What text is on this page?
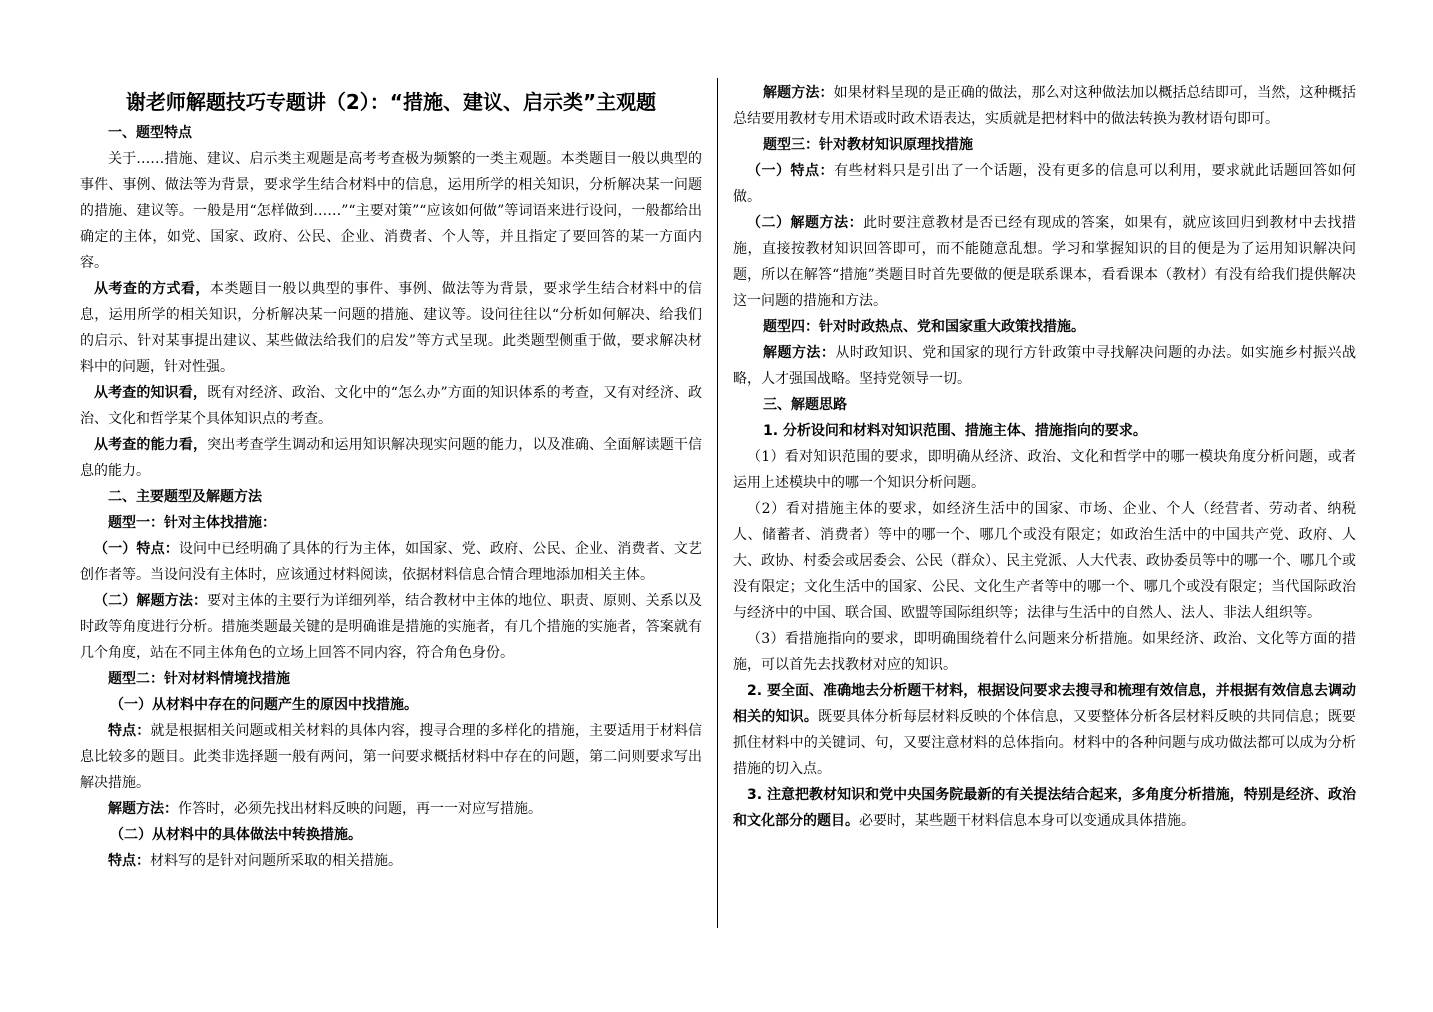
谢老师解题技巧专题讲（2）：“措施、建议、启示类”主观题

一、题型特点

关于……措施、建议、启示类主观题是高考考查极为频繁的一类主观题。本类题目一般以典型的事件、事例、做法等为背景，要求学生结合材料中的信息，运用所学的相关知识，分析解决某一问题的措施、建议等。一般是用“怎样做到……”“主要对策”“应该如何做”等词语来进行设问，一般都给出确定的主体，如党、国家、政府、公民、企业、消费者、个人等，并且指定了要回答的某一方面内容。

从考查的方式看，本类题目一般以典型的事件、事例、做法等为背景，要求学生结合材料中的信息，运用所学的相关知识，分析解决某一问题的措施、建议等。设问往往以“分析如何解决、给我们的启示、针对某事提出建议、某些做法给我们的启发”等方式呈现。此类题型侧重于做，要求解决材料中的问题，针对性强。

从考查的知识看，既有对经济、政治、文化中的“怎么办”方面的知识体系的考查，又有对经济、政治、文化和哲学某个具体知识点的考查。

从考查的能力看，突出考查学生调动和运用知识解决现实问题的能力，以及准确、全面解读题干信息的能力。

二、主要题型及解题方法

题型一：针对主体找措施：

（一）特点：设问中已经明确了具体的行为主体，如国家、党、政府、公民、企业、消费者、文艺创作者等。当设问没有主体时，应该通过材料阅读，依据材料信息合情合理地添加相关主体。

（二）解题方法：要对主体的主要行为详细列举，结合教材中主体的地位、职责、原则、关系以及时政等角度进行分析。措施类题最关键的是明确谁是措施的实施者，有几个措施的实施者，答案就有几个角度，站在不同主体角色的立场上回答不同内容，符合角色身份。

题型二：针对材料情境找措施

（一）从材料中存在的问题产生的原因中找措施。

特点：就是根据相关问题或相关材料的具体内容，搜寻合理的多样化的措施，主要适用于材料信息比较多的题目。此类非选择题一般有两问，第一问要求概括材料中存在的问题，第二问则要求写出解决措施。

解题方法：作答时，必须先找出材料反映的问题，再一一对应写措施。

（二）从材料中的具体做法中转换措施。

特点：材料写的是针对问题所采取的相关措施。

解题方法：如果材料呈现的是正确的做法，那么对这种做法加以概括总结即可，当然，这种概括总结要用教材专用术语或时政术语表达，实质就是把材料中的做法转换为教材语句即可。

题型三：针对教材知识原理找措施

（一）特点：有些材料只是引出了一个话题，没有更多的信息可以利用，要求就此话题回答如何做。

（二）解题方法：此时要注意教材是否已经有现成的答案，如果有，就应该回归到教材中去找措施，直接按教材知识回答即可，而不能随意乱想。学习和掌握知识的目的便是为了运用知识解决问题，所以在解答“措施”类题目时首先要做的便是联系课本，看看课本（教材）有没有给我们提供解决这一问题的措施和方法。

题型四：针对时政热点、党和国家重大政策找措施。

解题方法：从时政知识、党和国家的现行方针政策中寻找解决问题的办法。如实施乡村振兴战略，人才强国战略。坚持党领导一切。

三、解题思路

1. 分析设问和材料对知识范围、措施主体、措施指向的要求。

（1）看对知识范围的要求，即明确从经济、政治、文化和哲学中的哪一模块角度分析问题，或者运用上述模块中的哪一个知识分析问题。

（2）看对措施主体的要求，如经济生活中的国家、市场、企业、个人（经营者、劳动者、纳税人、储蓄者、消费者）等中的哪一个、哪几个或没有限定；如政治生活中的中国共产党、政府、人大、政协、村委会或居委会、公民（群众）、民主党派、人大代表、政协委员等中的哪一个、哪几个或没有限定；文化生活中的国家、公民、文化生产者等中的哪一个、哪几个或没有限定；当代国际政治与经济中的中国、联合国、欧盟等国际组织等；法律与生活中的自然人、法人、非法人组织等。

（3）看措施指向的要求，即明确围绕着什么问题来分析措施。如果经济、政治、文化等方面的措施，可以首先去找教材对应的知识。

2. 要全面、准确地去分析题干材料，根据设问要求去搜寻和梳理有效信息，并根据有效信息去调动相关的知识。既要具体分析每层材料反映的个体信息，又要整体分析各层材料反映的共同信息；既要抓住材料中的关键词、句，又要注意材料的总体指向。材料中的各种问题与成功做法都可以成为分析措施的切入点。

3. 注意把教材知识和党中央国务院最新的有关提法结合起来，多角度分析措施，特别是经济、政治和文化部分的题目。必要时，某些题干材料信息本身可以变通成具体措施。
